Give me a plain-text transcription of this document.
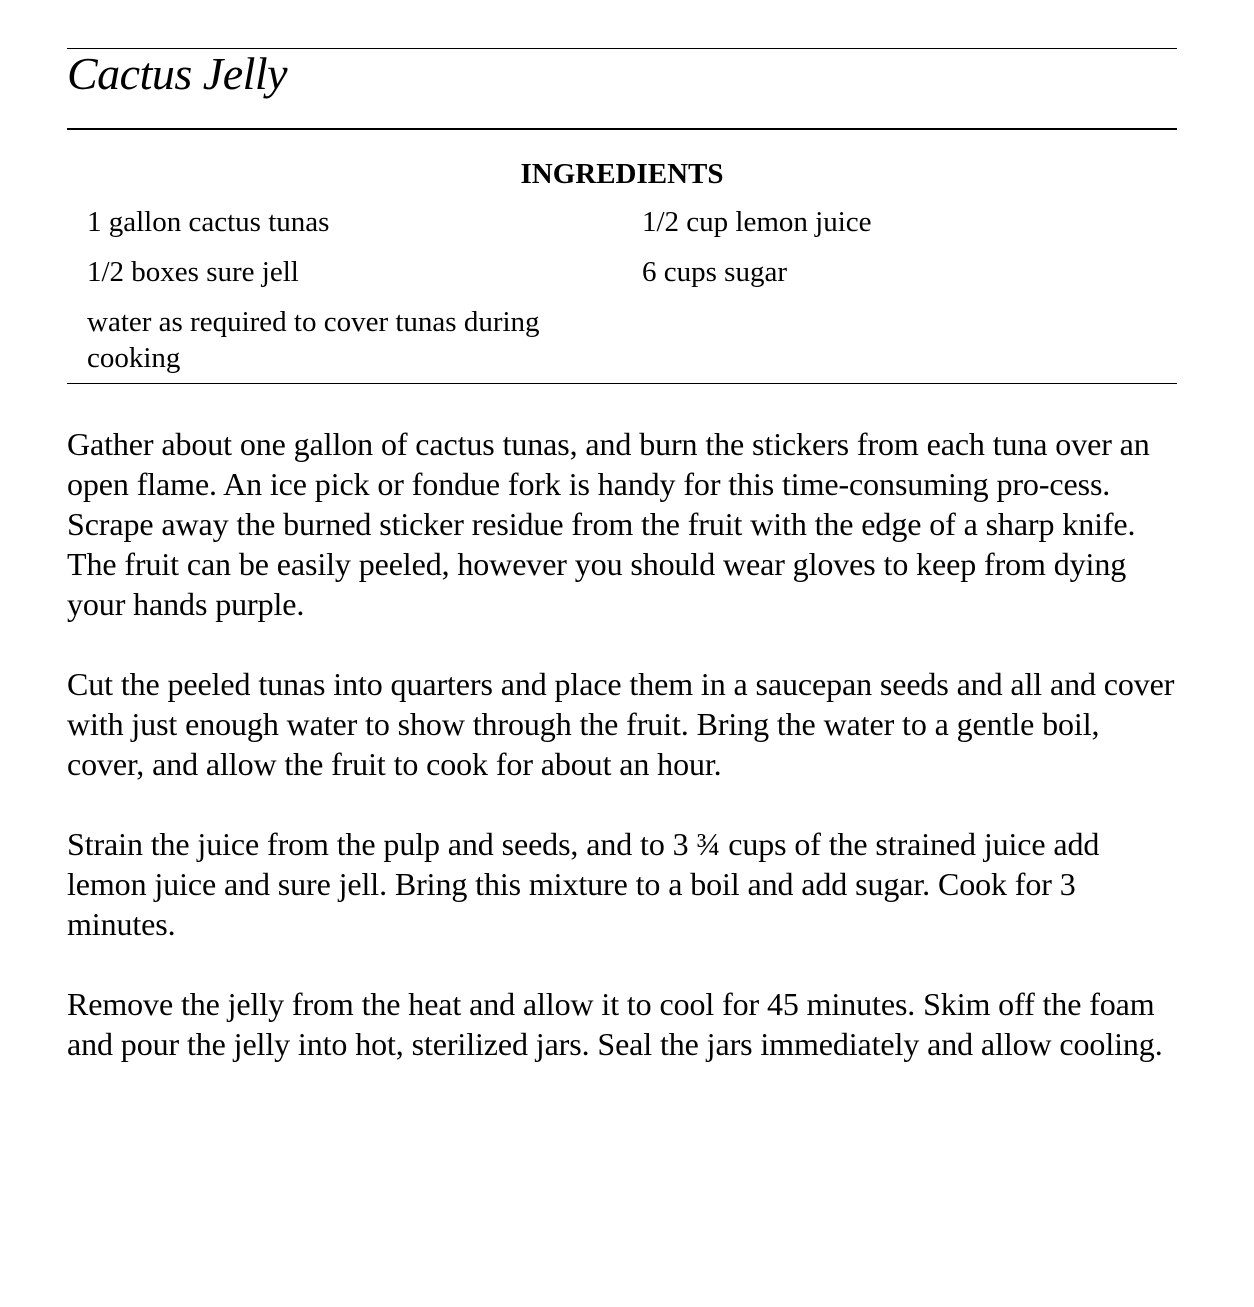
Cactus Jelly
INGREDIENTS
1 gallon cactus tunas	1/2 cup lemon juice
1/2 boxes sure jell	6 cups sugar
water as required to cover tunas during cooking

Gather about one gallon of cactus tunas, and burn the stickers from each tuna over an open flame. An ice pick or fondue fork is handy for this time-consuming pro-cess. Scrape away the burned sticker residue from the fruit with the edge of a sharp knife. The fruit can be easily peeled, however you should wear gloves to keep from dying your hands purple.

Cut the peeled tunas into quarters and place them in a saucepan seeds and all and cover with just enough water to show through the fruit. Bring the water to a gentle boil, cover, and allow the fruit to cook for about an hour.

Strain the juice from the pulp and seeds, and to 3 ¾ cups of the strained juice add lemon juice and sure jell. Bring this mixture to a boil and add sugar. Cook for 3 minutes.

Remove the jelly from the heat and allow it to cool for 45 minutes. Skim off the foam and pour the jelly into hot, sterilized jars. Seal the jars immediately and allow cooling.
